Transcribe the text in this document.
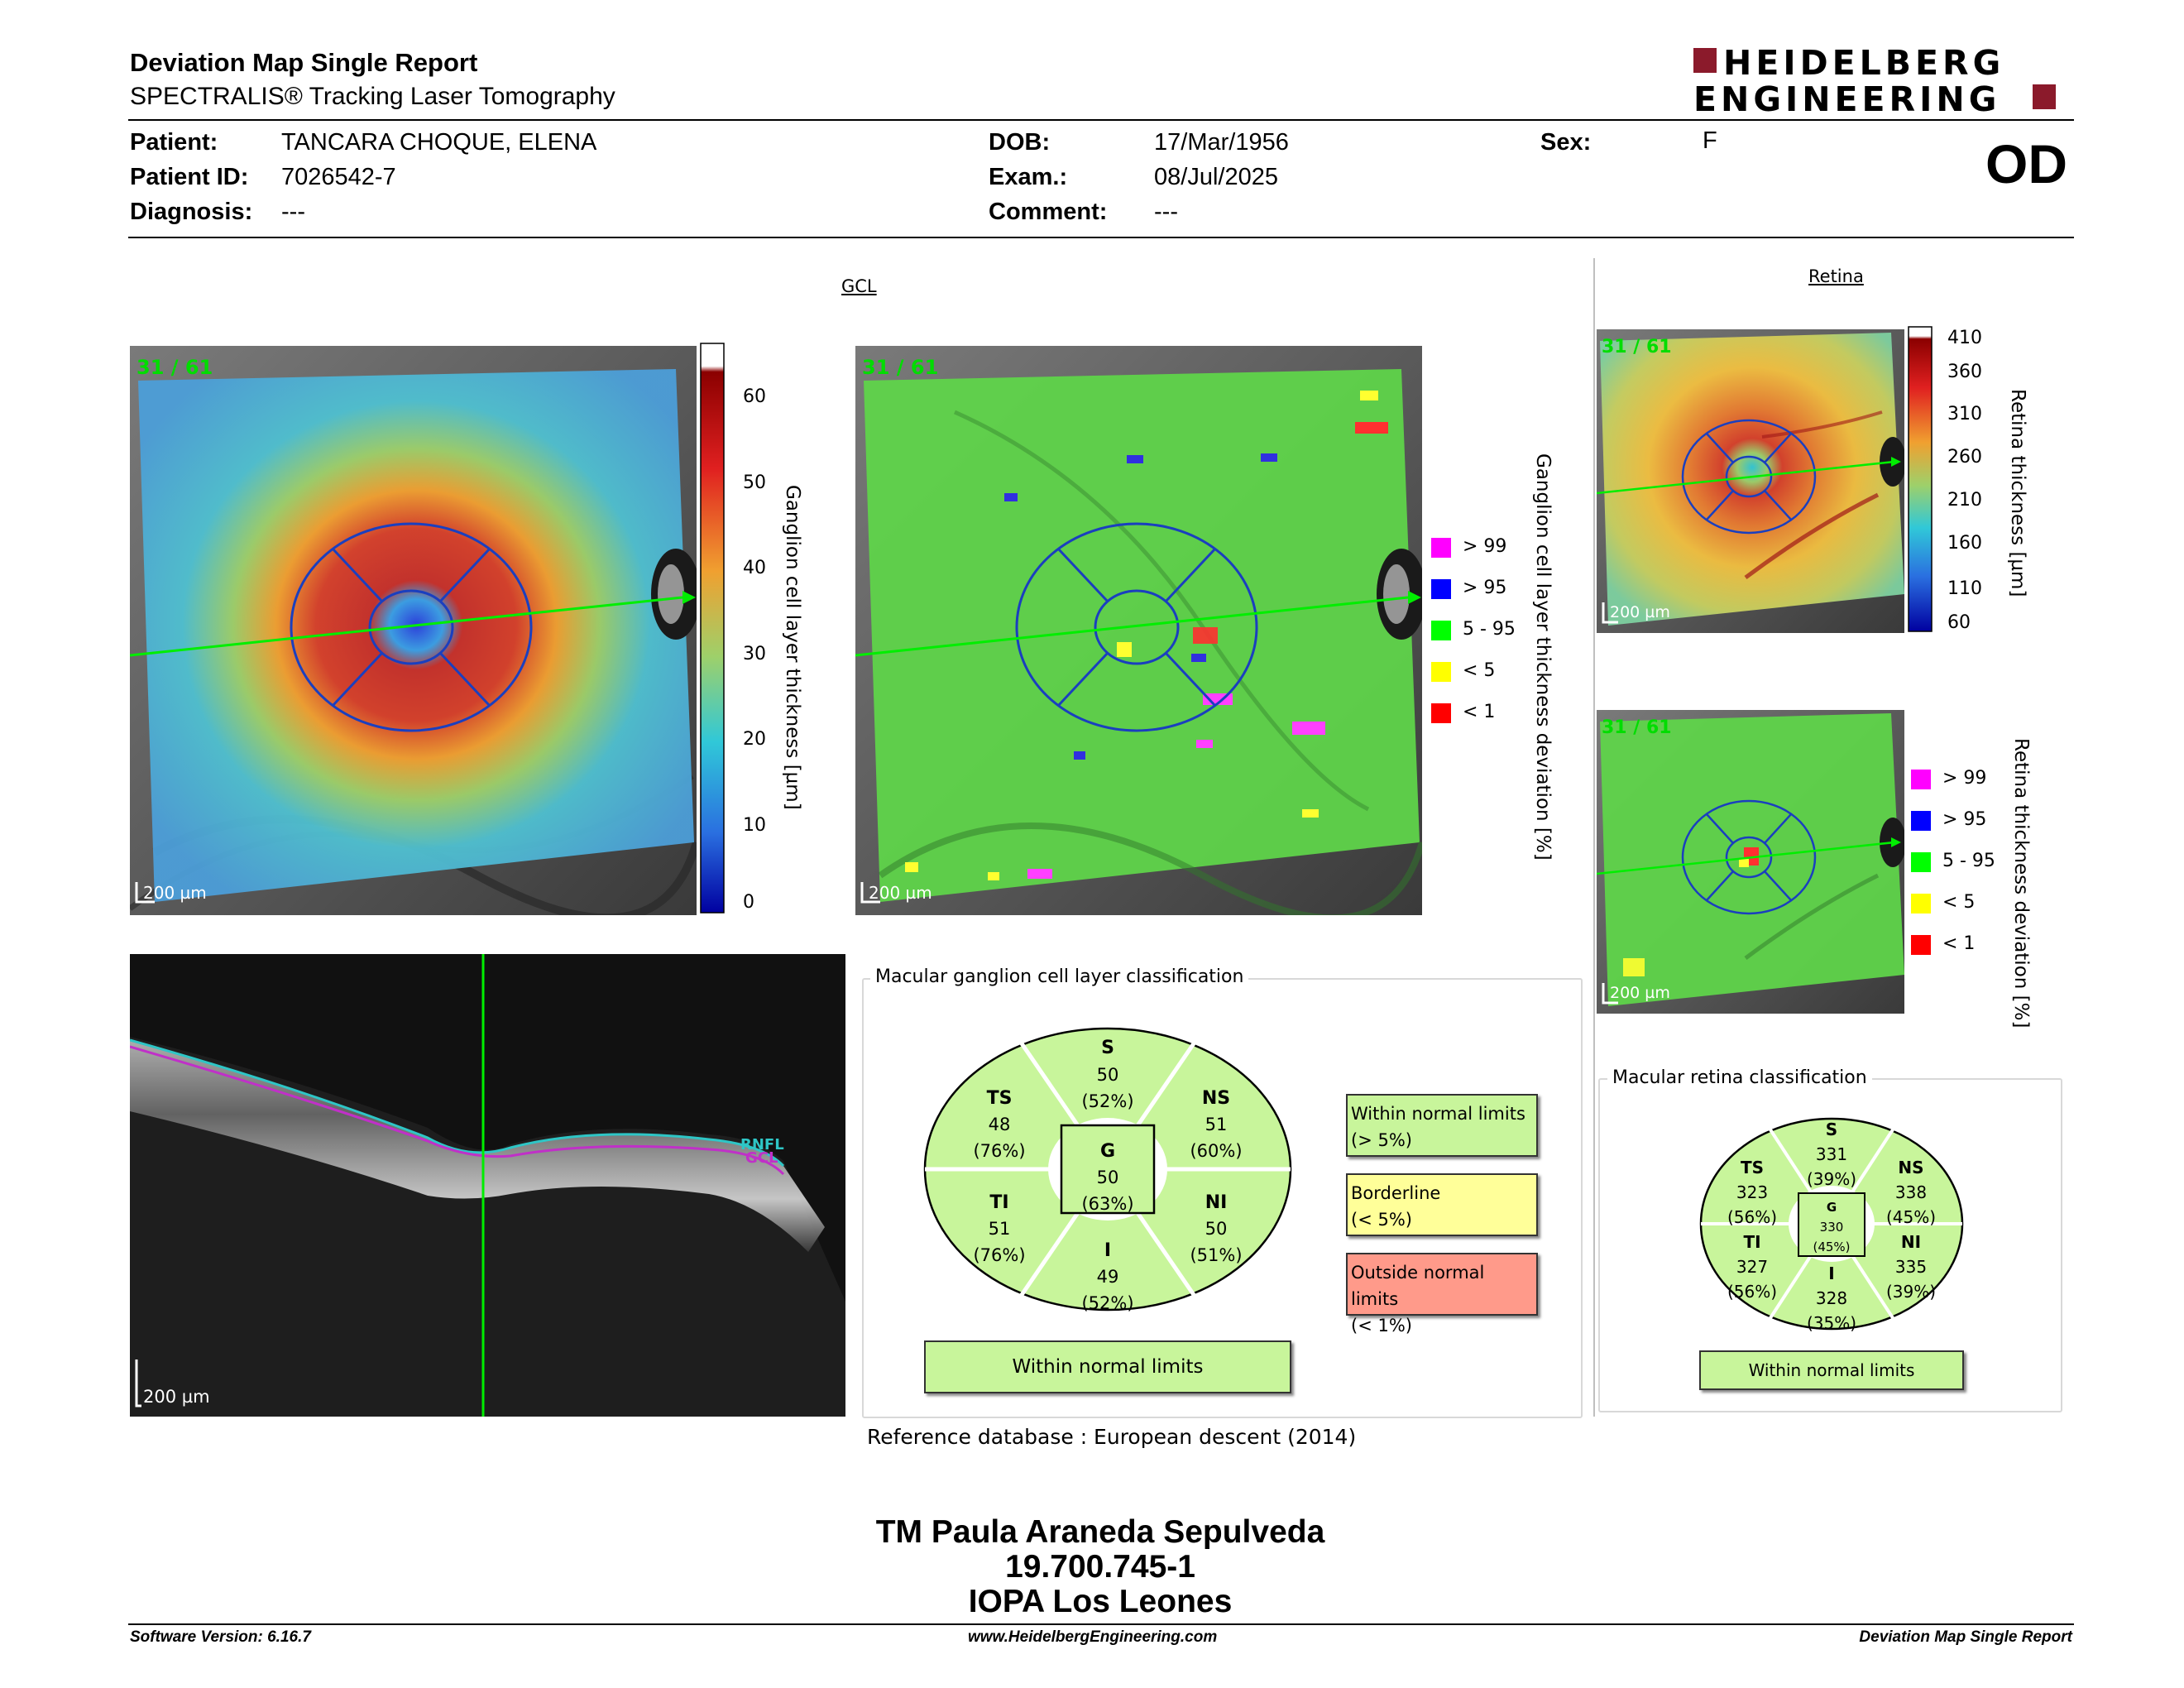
Deviation Map Single Report
SPECTRALIS® Tracking Laser Tomography
HEIDELBERG
ENGINEERING
Patient:	TANCARA CHOQUE, ELENA
Patient ID: 7026542-7
Diagnosis: ---
DOB:	17/Mar/1956
Exam.:	08/Jul/2025
Comment: ---
Sex:	F	OD
GCL	Retina
31 / 61
200 µm
60
50
40
30
20
10
0
Ganglion cell layer thickness [µm]
31 / 61
200 µm
> 99
> 95
5 - 95
< 5
< 1 Ganglion cell layer thickness deviation [%]
RNFL
GCL
200 µm
Macular ganglion cell layer classification
S
50
(52%)
TS
48
(76%)
NS
51
(60%)
G
50
(63%)
TI
51
(76%)
NI
50
(51%)
I
49
(52%)
Within normal limits
Within normal limits
(> 5%)
Borderline
(< 5%)
Outside normal limits
(< 1%)
Reference database : European descent (2014)
31 / 61
200 µm
410
360
310
260
210
160
110
60
Retina thickness [µm]
31 / 61
200 µm
> 99
> 95
5 - 95
< 5
< 1 Retina thickness deviation [%]
Macular retina classification
S
331
(39%)
TS
323
(56%)
NS
338
(45%)
G
330
(45%)
TI
327
(56%)
NI
335
(39%)
I
328
(35%)
Within normal limits
TM Paula Araneda Sepulveda
19.700.745-1
IOPA Los Leones
Software Version: 6.16.7	www.HeidelbergEngineering.com	Deviation Map Single Report
